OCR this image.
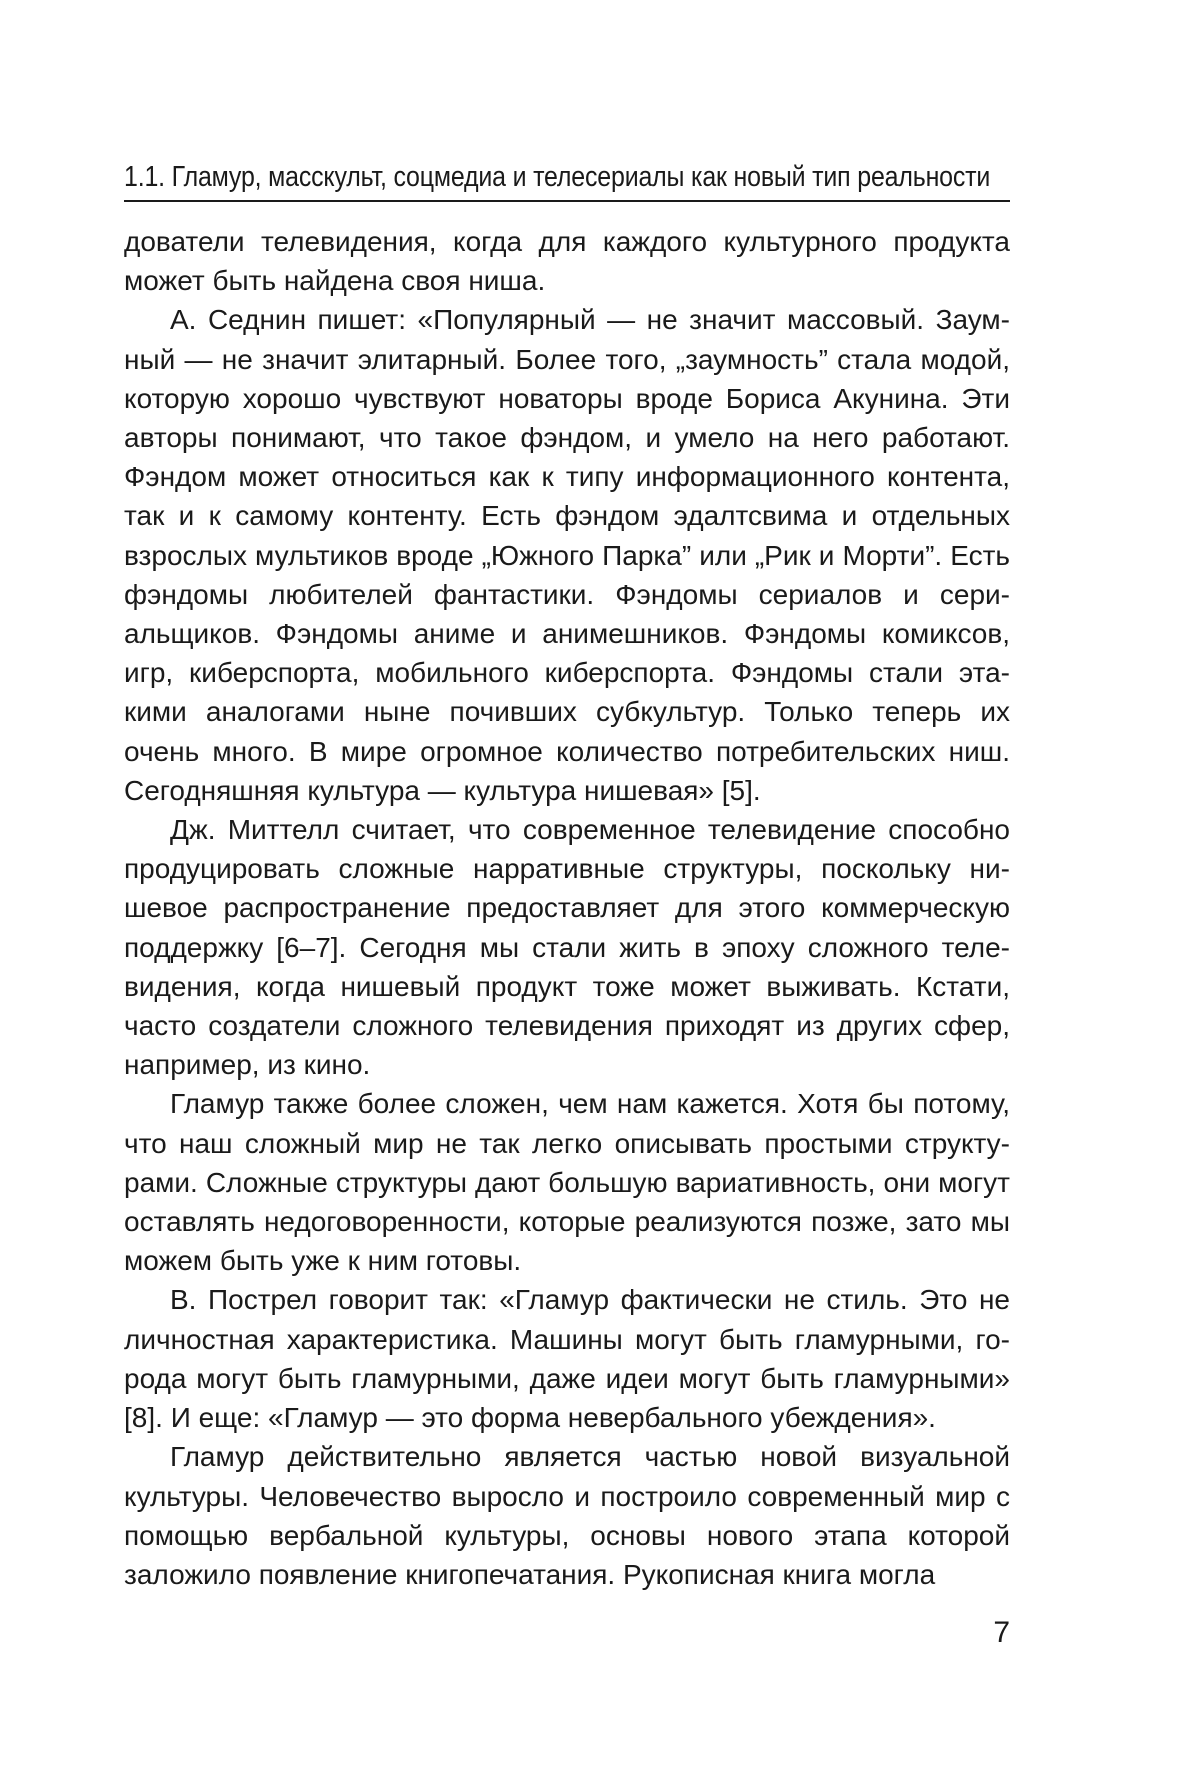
1.1. Гламур, масскульт, соцмедиа и телесериалы как новый тип реальности

дователи телевидения, когда для каждого культурного продукта может быть найдена своя ниша.

А. Седнин пишет: «Популярный — не значит массовый. Заумный — не значит элитарный. Более того, „заумность” стала модой, которую хорошо чувствуют новаторы вроде Бориса Акунина. Эти авторы понимают, что такое фэндом, и умело на него работают. Фэндом может относиться как к типу информационного контента, так и к самому контенту. Есть фэндом эдалтсвима и отдельных взрослых мультиков вроде „Южного Парка” или „Рик и Морти”. Есть фэндомы любителей фантастики. Фэндомы сериалов и сериальщиков. Фэндомы аниме и анимешников. Фэндомы комиксов, игр, киберспорта, мобильного киберспорта. Фэндомы стали этакими аналогами ныне почивших субкультур. Только теперь их очень много. В мире огромное количество потребительских ниш. Сегодняшняя культура — культура нишевая» [5].

Дж. Миттелл считает, что современное телевидение способно продуцировать сложные нарративные структуры, поскольку нишевое распространение предоставляет для этого коммерческую поддержку [6–7]. Сегодня мы стали жить в эпоху сложного телевидения, когда нишевый продукт тоже может выживать. Кстати, часто создатели сложного телевидения приходят из других сфер, например, из кино.

Гламур также более сложен, чем нам кажется. Хотя бы потому, что наш сложный мир не так легко описывать простыми структурами. Сложные структуры дают большую вариативность, они могут оставлять недоговоренности, которые реализуются позже, зато мы можем быть уже к ним готовы.

В. Пострел говорит так: «Гламур фактически не стиль. Это не личностная характеристика. Машины могут быть гламурными, города могут быть гламурными, даже идеи могут быть гламурными» [8]. И еще: «Гламур — это форма невербального убеждения».

Гламур действительно является частью новой визуальной культуры. Человечество выросло и построило современный мир с помощью вербальной культуры, основы нового этапа которой заложило появление книгопечатания. Рукописная книга могла

7
